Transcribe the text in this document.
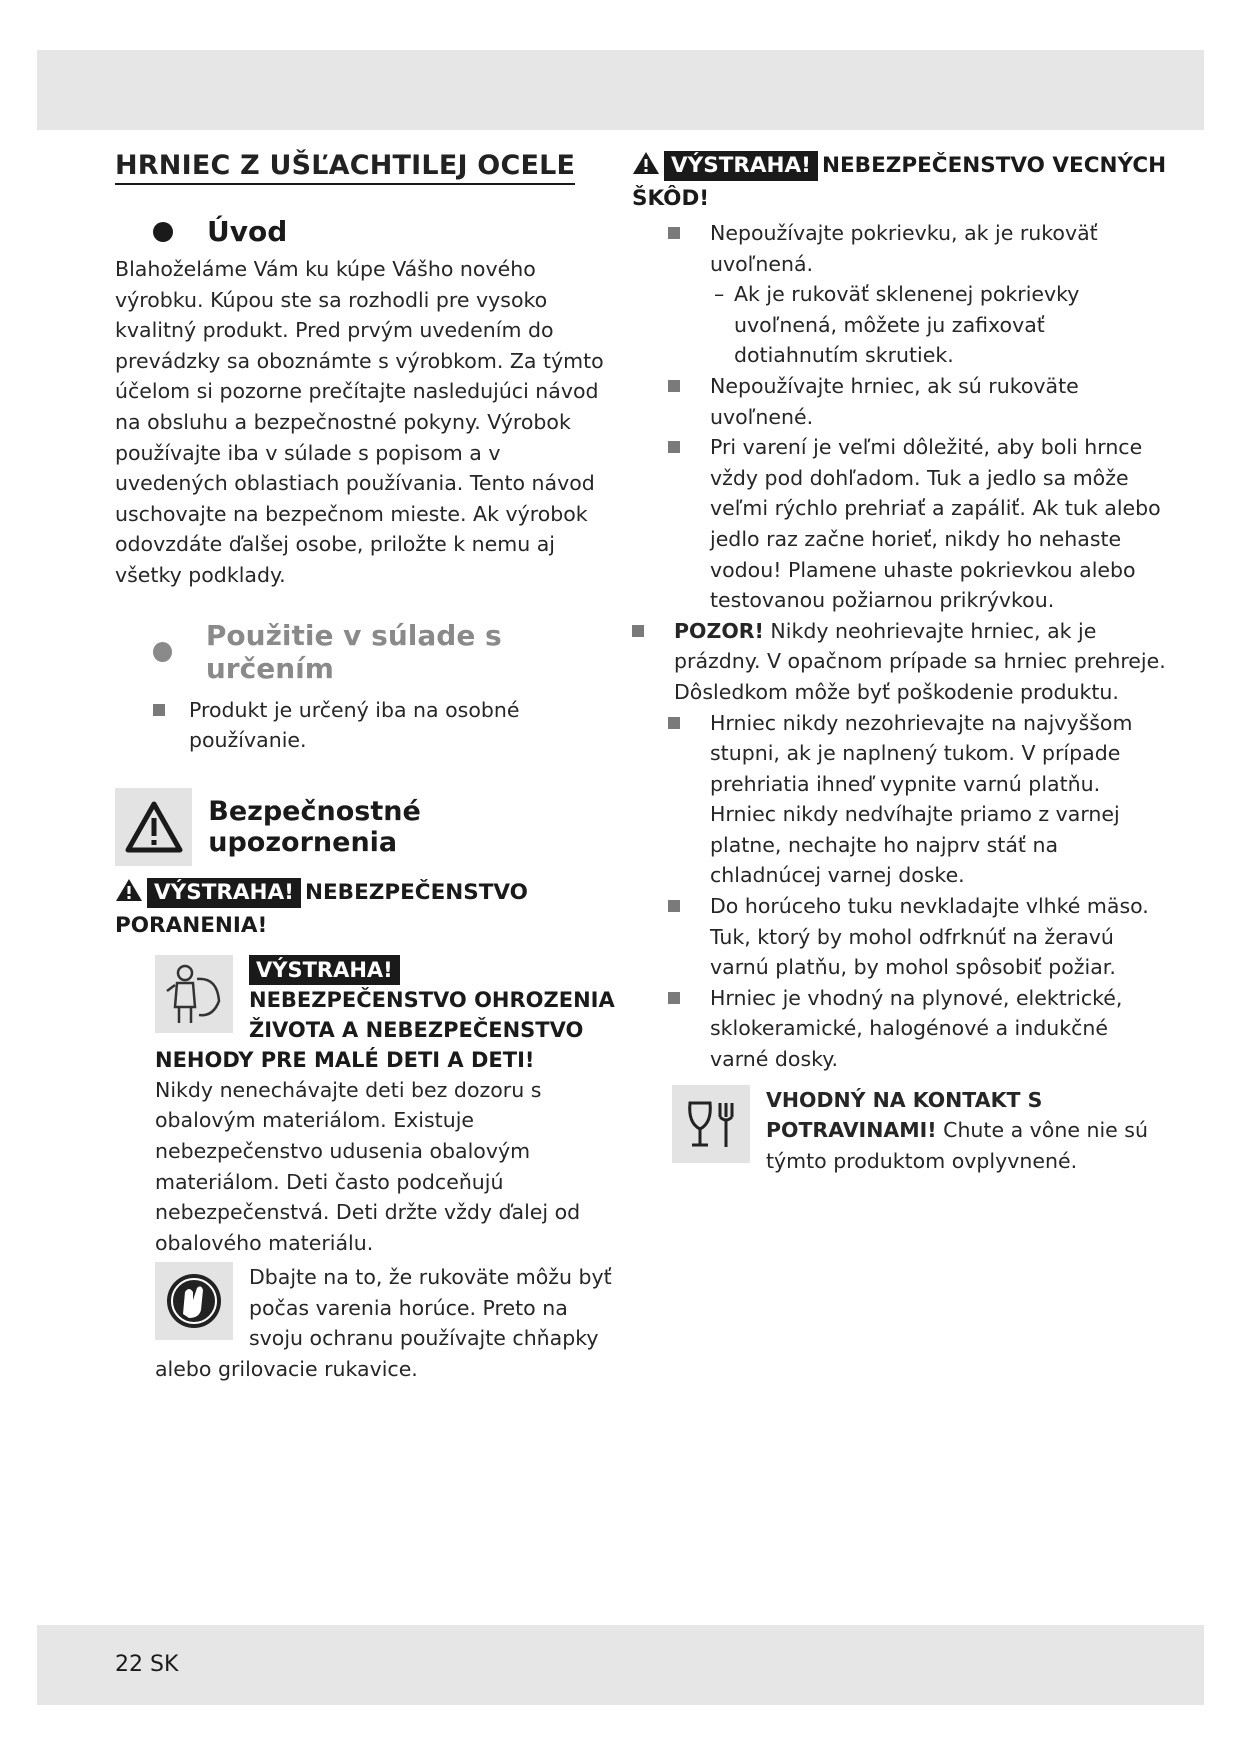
HRNIEC Z UŠĽACHTILEJ OCELE
Úvod

Blahoželáme Vám ku kúpe Vášho nového výrobku. Kúpou ste sa rozhodli pre vysoko kvalitný produkt. Pred prvým uvedením do prevádzky sa oboznámte s výrobkom. Za týmto účelom si pozorne prečítajte nasledujúci návod na obsluhu a bezpečnostné pokyny. Výrobok používajte iba v súlade s popisom a v uvedených oblastiach používania. Tento návod uschovajte na bezpečnom mieste. Ak výrobok odovzdáte ďalšej osobe, priložte k nemu aj všetky podklady.

Použitie v súlade s určením
Produkt je určený iba na osobné používanie.
Bezpečnostné upozornenia
VÝSTRAHA! NEBEZPEČENSTVO PORANENIA!
VÝSTRAHA! NEBEZPEČENSTVO OHROZENIA ŽIVOTA A NEBEZPEČENSTVO NEHODY PRE MALÉ DETI A DETI!

Nikdy nenechávajte deti bez dozoru s obalovým materiálom. Existuje nebezpečenstvo udusenia obalovým materiálom. Deti často podceňujú nebezpečenstvá. Deti držte vždy ďalej od obalového materiálu.

Dbajte na to, že rukoväte môžu byť počas varenia horúce. Preto na svoju ochranu používajte chňapky alebo grilovacie rukavice.

VÝSTRAHA! NEBEZPEČENSTVO VECNÝCH ŠKÔD!
Nepoužívajte pokrievku, ak je rukoväť uvoľnená.
– Ak je rukoväť sklenenej pokrievky uvoľnená, môžete ju zafixovať dotiahnutím skrutiek.
Nepoužívajte hrniec, ak sú rukoväte uvoľnené.
Pri varení je veľmi dôležité, aby boli hrnce vždy pod dohľadom. Tuk a jedlo sa môže veľmi rýchlo prehriať a zapáliť. Ak tuk alebo jedlo raz začne horieť, nikdy ho nehaste vodou! Plamene uhaste pokrievkou alebo testovanou požiarnou prikrývkou.
POZOR! Nikdy neohrievajte hrniec, ak je prázdny. V opačnom prípade sa hrniec prehreje. Dôsledkom môže byť poškodenie produktu.
Hrniec nikdy nezohrievajte na najvyššom stupni, ak je naplnený tukom. V prípade prehriatia ihneď vypnite varnú platňu. Hrniec nikdy nedvíhajte priamo z varnej platne, nechajte ho najprv stáť na chladnúcej varnej doske.
Do horúceho tuku nevkladajte vlhké mäso. Tuk, ktorý by mohol odfrknúť na žeravú varnú platňu, by mohol spôsobiť požiar.
Hrniec je vhodný na plynové, elektrické, sklokeramické, halogénové a indukčné varné dosky.

VHODNÝ NA KONTAKT S POTRAVINAMI! Chute a vône nie sú týmto produktom ovplyvnené.

22 SK
